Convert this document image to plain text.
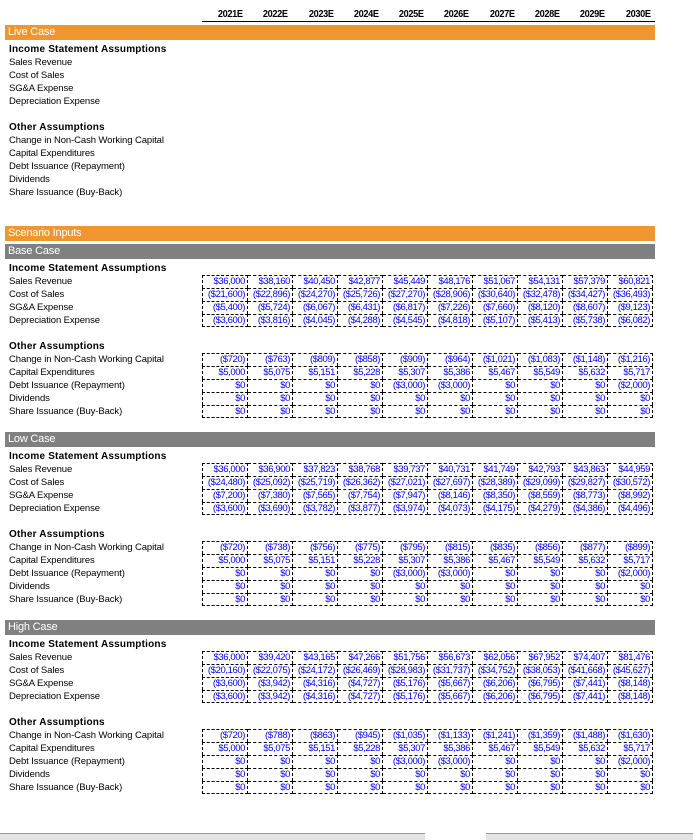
2021E	2022E	2023E	2024E	2025E	2026E	2027E	2028E	2029E	2030E
Live Case
Income Statement Assumptions
Sales Revenue
Cost of Sales
SG&A Expense
Depreciation Expense
Other Assumptions
Change in Non-Cash Working Capital
Capital Expenditures
Debt Issuance (Repayment)
Dividends
Share Issuance (Buy-Back)
Scenario Inputs
Base Case
Income Statement Assumptions
Sales Revenue	$36,000	$38,160	$40,450	$42,877	$45,449	$48,176	$51,067	$54,131	$57,379	$60,821
Cost of Sales	($21,600) ($22,896) ($24,270) ($25,726) ($27,270) ($28,906) ($30,640) ($32,478) ($34,427) ($36,493)
SG&A Expense	($5,400)	($5,724)	($6,067)	($6,431)	($6,817)	($7,226)	($7,660)	($8,120)	($8,607)	($9,123)
Depreciation Expense	($3,600)	($3,816)	($4,045)	($4,288)	($4,545)	($4,818)	($5,107)	($5,413)	($5,738)	($6,082)
Other Assumptions
Change in Non-Cash Working Capital	($720)	($763)	($809)	($858)	($909)	($964)	($1,021)	($1,083)	($1,148)	($1,216)
Capital Expenditures	$5,000	$5,075	$5,151	$5,228	$5,307	$5,386	$5,467	$5,549	$5,632	$5,717
Debt Issuance (Repayment)	$0	$0	$0	$0	($3,000)	($3,000)	$0	$0	$0	($2,000)
Dividends	$0	$0	$0	$0	$0	$0	$0	$0	$0	$0
Share Issuance (Buy-Back)	$0	$0	$0	$0	$0	$0	$0	$0	$0	$0
Low Case
Income Statement Assumptions
Sales Revenue	$36,000	$36,900	$37,823	$38,768	$39,737	$40,731	$41,749	$42,793	$43,863	$44,959
Cost of Sales	($24,480) ($25,092) ($25,719) ($26,362) ($27,021) ($27,697) ($28,389) ($29,099) ($29,827) ($30,572)
SG&A Expense	($7,200)	($7,380)	($7,565)	($7,754)	($7,947)	($8,146)	($8,350)	($8,559)	($8,773)	($8,992)
Depreciation Expense	($3,600)	($3,690)	($3,782)	($3,877)	($3,974)	($4,073)	($4,175)	($4,279)	($4,386)	($4,496)
Other Assumptions
Change in Non-Cash Working Capital	($720)	($738)	($756)	($775)	($795)	($815)	($835)	($856)	($877)	($899)
Capital Expenditures	$5,000	$5,075	$5,151	$5,228	$5,307	$5,386	$5,467	$5,549	$5,632	$5,717
Debt Issuance (Repayment)	$0	$0	$0	$0	($3,000)	($3,000)	$0	$0	$0	($2,000)
Dividends	$0	$0	$0	$0	$0	$0	$0	$0	$0	$0
Share Issuance (Buy-Back)	$0	$0	$0	$0	$0	$0	$0	$0	$0	$0
High Case
Income Statement Assumptions
Sales Revenue	$36,000	$39,420	$43,165	$47,266	$51,756	$56,673	$62,056	$67,952	$74,407	$81,476
Cost of Sales	($20,160) ($22,075) ($24,172) ($26,469) ($28,983) ($31,737) ($34,752) ($38,053) ($41,668) ($45,627)
SG&A Expense	($3,600)	($3,942)	($4,316)	($4,727)	($5,176)	($5,667)	($6,206)	($6,795)	($7,441)	($8,148)
Depreciation Expense	($3,600)	($3,942)	($4,316)	($4,727)	($5,176)	($5,667)	($6,206)	($6,795)	($7,441)	($8,148)
Other Assumptions
Change in Non-Cash Working Capital	($720)	($788)	($863)	($945)	($1,035)	($1,133)	($1,241)	($1,359)	($1,488)	($1,630)
Capital Expenditures	$5,000	$5,075	$5,151	$5,228	$5,307	$5,386	$5,467	$5,549	$5,632	$5,717
Debt Issuance (Repayment)	$0	$0	$0	$0	($3,000)	($3,000)	$0	$0	$0	($2,000)
Dividends	$0	$0	$0	$0	$0	$0	$0	$0	$0	$0
Share Issuance (Buy-Back)	$0	$0	$0	$0	$0	$0	$0	$0	$0	$0
